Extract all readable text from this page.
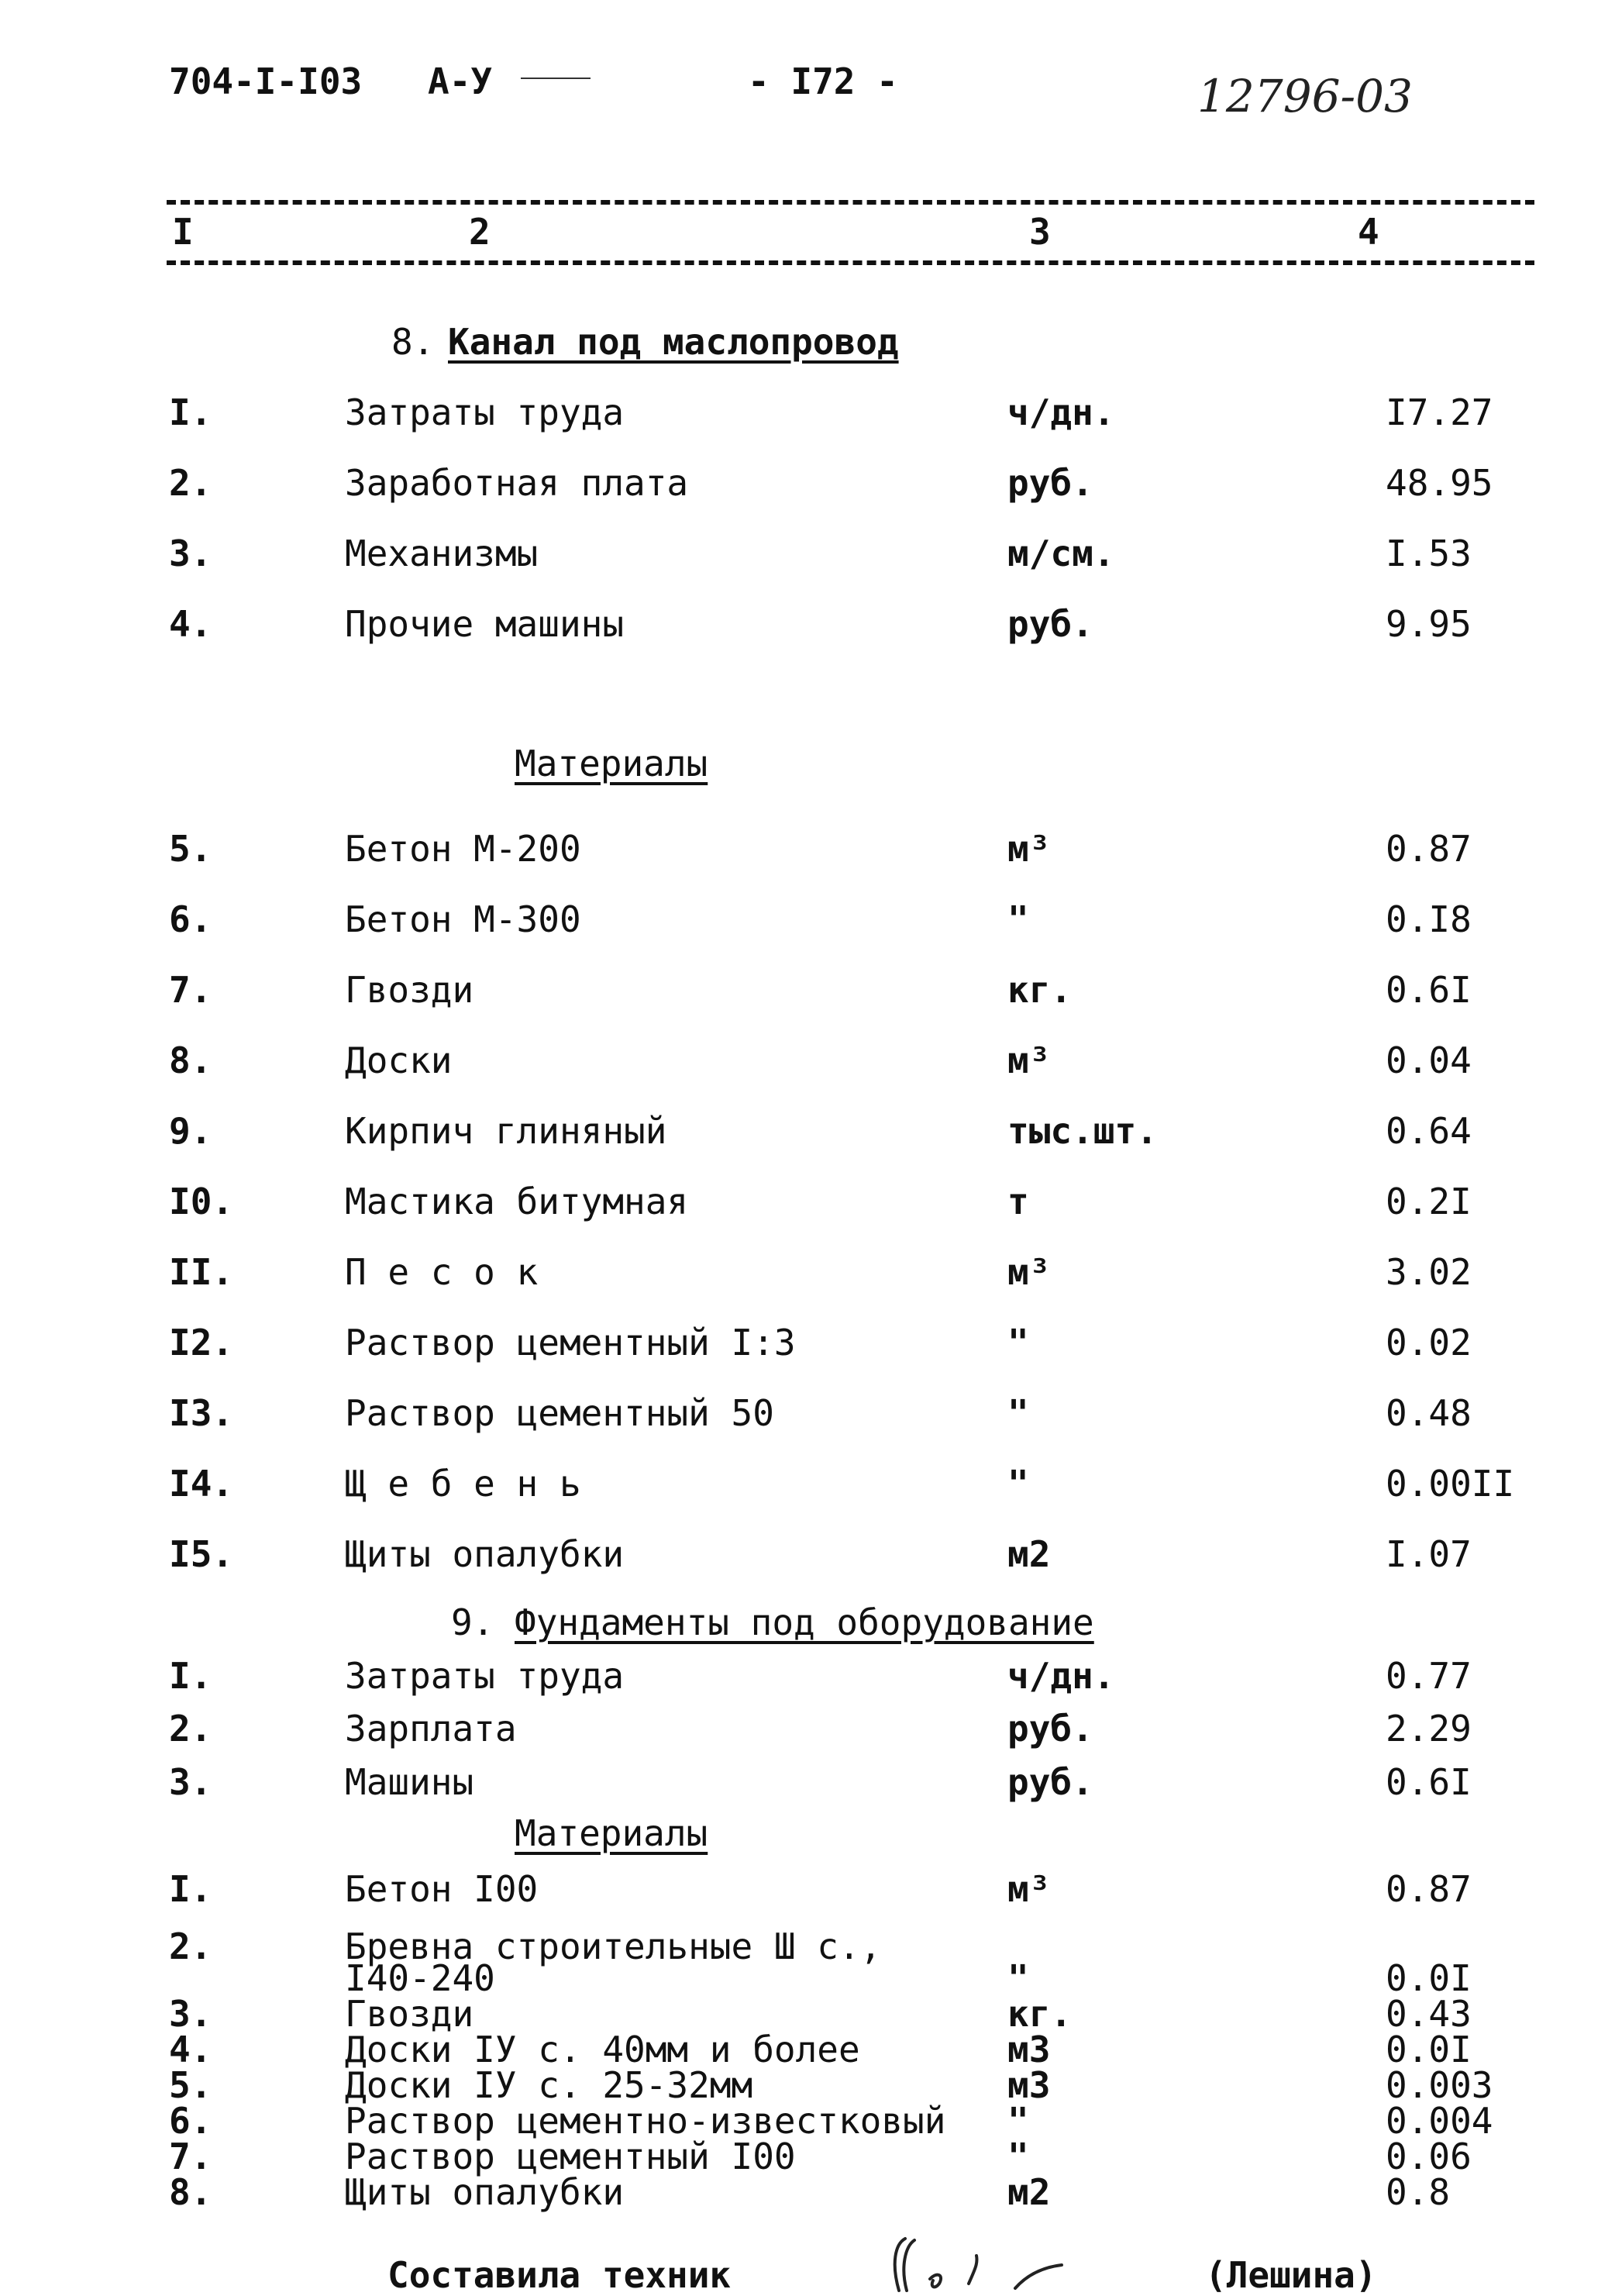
704-I-I03 А-У	- I72 -	12796-03
I	2	3	4
8. Канал под маслопровод
I.	Затраты труда	ч/дн.	I7.27
2.	Заработная плата	руб.	48.95
3.	Механизмы	м/см.	I.53
4.	Прочие машины	руб.	9.95
Материалы
5.	Бетон М-200	м³	0.87
6.	Бетон М-300	"	0.I8
7.	Гвозди	кг.	0.6I
8.	Доски	м³	0.04
9.	Кирпич глиняный	тыс.шт.	0.64
I0.	Мастика битумная	т	0.2I
II.	П е с о к	м³	3.02
I2.	Раствор цементный I:3	"	0.02
I3.	Раствор цементный 50	"	0.48
I4.	Щ е б е н ь	"	0.00II
I5.	Щиты опалубки	м2	I.07
9. Фундаменты под оборудование
I.	Затраты труда	ч/дн.	0.77
2.	Зарплата	руб.	2.29
3.	Машины	руб.	0.6I
Материалы
I.	Бетон I00	м³	0.87
2.	Бревна строительные Ш с.,
I40-240	"	0.0I
3.	Гвозди	кг.	0.43
4.	Доски IУ с. 40мм и более	м3	0.0I
5.	Доски IУ с. 25-32мм	м3	0.003
6.	Раствор цементно-известковый "	0.004
7.	Раствор цементный I00	"	0.06
8.	Щиты опалубки	м2	0.8
Составила техник	(Лешина)
